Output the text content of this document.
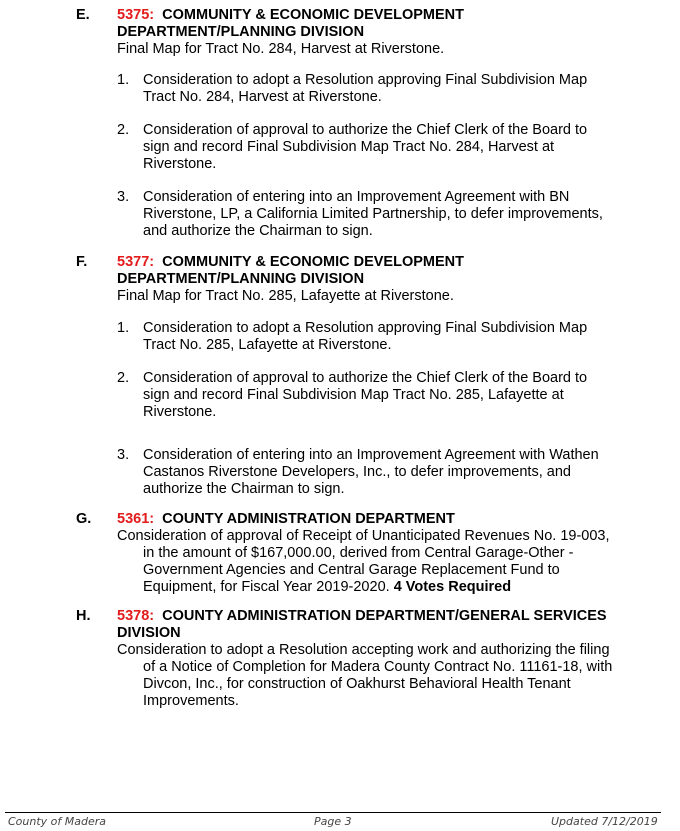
E. 5375: COMMUNITY & ECONOMIC DEVELOPMENT
DEPARTMENT/PLANNING DIVISION
Final Map for Tract No. 284, Harvest at Riverstone.
1. Consideration to adopt a Resolution approving Final Subdivision Map
Tract No. 284, Harvest at Riverstone.
2. Consideration of approval to authorize the Chief Clerk of the Board to
sign and record Final Subdivision Map Tract No. 284, Harvest at
Riverstone.
3. Consideration of entering into an Improvement Agreement with BN
Riverstone, LP, a California Limited Partnership, to defer improvements,
and authorize the Chairman to sign.
F. 5377: COMMUNITY & ECONOMIC DEVELOPMENT
DEPARTMENT/PLANNING DIVISION
Final Map for Tract No. 285, Lafayette at Riverstone.
1. Consideration to adopt a Resolution approving Final Subdivision Map
Tract No. 285, Lafayette at Riverstone.
2. Consideration of approval to authorize the Chief Clerk of the Board to
sign and record Final Subdivision Map Tract No. 285, Lafayette at
Riverstone.
3. Consideration of entering into an Improvement Agreement with Wathen
Castanos Riverstone Developers, Inc., to defer improvements, and
authorize the Chairman to sign.
G. 5361: COUNTY ADMINISTRATION DEPARTMENT
Consideration of approval of Receipt of Unanticipated Revenues No. 19-003,
in the amount of $167,000.00, derived from Central Garage-Other -
Government Agencies and Central Garage Replacement Fund to
Equipment, for Fiscal Year 2019-2020. 4 Votes Required
H. 5378: COUNTY ADMINISTRATION DEPARTMENT/GENERAL SERVICES
DIVISION
Consideration to adopt a Resolution accepting work and authorizing the filing
of a Notice of Completion for Madera County Contract No. 11161-18, with
Divcon, Inc., for construction of Oakhurst Behavioral Health Tenant
Improvements.
County of Madera	Page 3	Updated 7/12/2019
